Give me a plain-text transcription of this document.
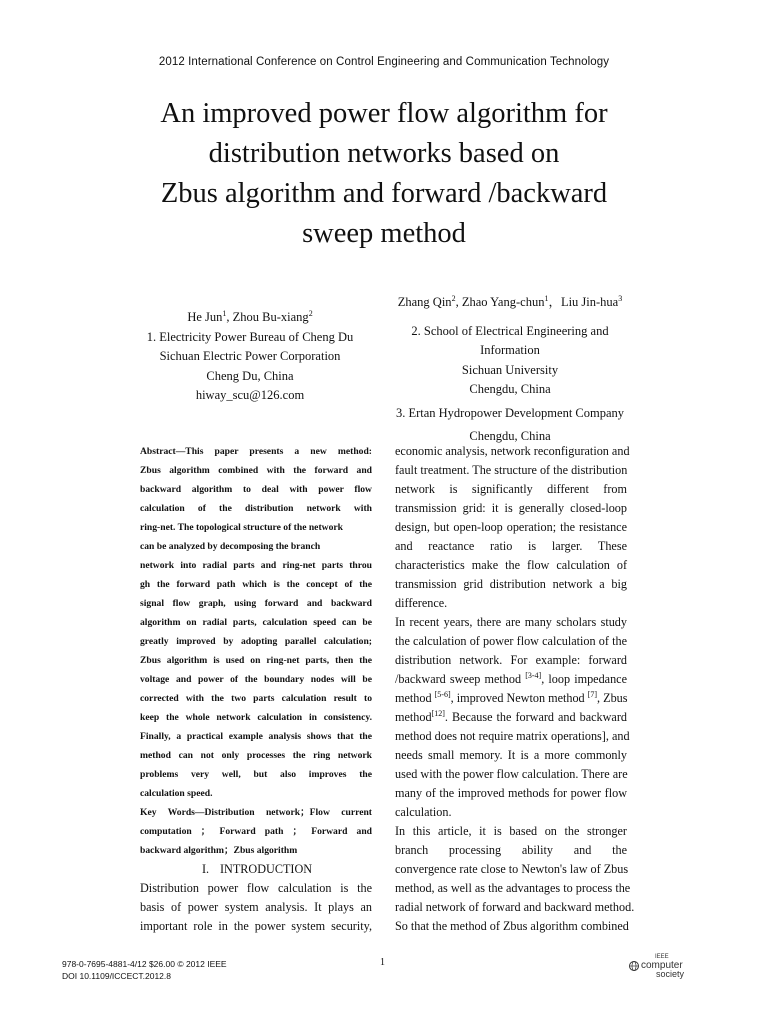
2012 International Conference on Control Engineering and Communication Technology
An improved power flow algorithm for
distribution networks based on
Zbus algorithm and forward /backward
sweep method
He Jun$^1$, Zhou Bu-xiang$^2$
1. Electricity Power Bureau of Cheng Du
Sichuan Electric Power Corporation
Cheng Du, China
hiway_scu@126.com
Zhang Qin$^2$, Zhao Yang-chun$^1$，Liu Jin-hua$^3$
2. School of Electrical Engineering and
Information
Sichuan University
Chengdu, China
3. Ertan Hydropower Development Company
Chengdu, China

Abstract—This paper presents a new method:

Zbus algorithm combined with the forward and

backward algorithm to deal with power flow

calculation of the distribution network with

ring-net. The topological structure of the network

can be analyzed by decomposing the branch

network into radial parts and ring-net parts throu

gh the forward path which is the concept of the

signal flow graph, using forward and backward

algorithm on radial parts, calculation speed can be

greatly improved by adopting parallel calculation;

Zbus algorithm is used on ring-net parts, then the

voltage and power of the boundary nodes will be

corrected with the two parts calculation result to

keep the whole network calculation in consistency.

Finally, a practical example analysis shows that the

method can not only processes the ring network

problems very well, but also improves the

calculation speed.

Key Words—Distribution network；Flow current

computation ； Forward path ； Forward and

backward algorithm；Zbus algorithm

I. INTRODUCTION

Distribution power flow calculation is the

basis of power system analysis. It plays an

important role in the power system security,

economic analysis, network reconfiguration and

fault treatment. The structure of the distribution

network is significantly different from

transmission grid: it is generally closed-loop

design, but open-loop operation; the resistance

and reactance ratio is larger. These

characteristics make the flow calculation of

transmission grid distribution network a big

difference.

In recent years, there are many scholars study

the calculation of power flow calculation of the

distribution network. For example: forward

/backward sweep method [3-4], loop impedance

method [5-6], improved Newton method [7], Zbus

method[12]. Because the forward and backward

method does not require matrix operations], and

needs small memory. It is a more commonly

used with the power flow calculation. There are

many of the improved methods for power flow

calculation.

In this article, it is based on the stronger

branch processing ability and the

convergence rate close to Newton's law of Zbus

method, as well as the advantages to process the

radial network of forward and backward method.

So that the method of Zbus algorithm combined

978-0-7695-4881-4/12 $26.00 © 2012 IEEE
DOI 10.1109/ICCECT.2012.8
1	IEEE
computer
society
